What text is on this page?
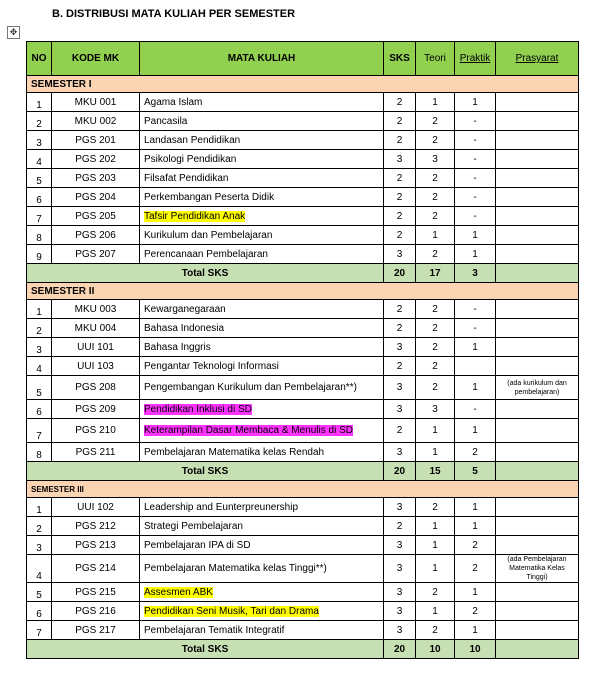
B. DISTRIBUSI MATA KULIAH PER SEMESTER
✥
NO	KODE MK	MATA KULIAH	SKS	Teori	Praktik	Prasyarat
SEMESTER I						
1	MKU 001	Agama Islam	2	1	1	
2	MKU 002	Pancasila	2	2	-	
3	PGS 201	Landasan Pendidikan	2	2	-	
4	PGS 202	Psikologi Pendidikan	3	3	-	
5	PGS 203	Filsafat Pendidikan	2	2	-	
6	PGS 204	Perkembangan Peserta Didik	2	2	-	
7	PGS 205	Tafsir Pendidikan Anak	2	2	-	
8	PGS 206	Kurikulum dan Pembelajaran	2	1	1	
9	PGS 207	Perencanaan Pembelajaran	3	2	1	
Total SKS			20	17	3	
SEMESTER II						
1	MKU 003	Kewarganegaraan	2	2	-	
2	MKU 004	Bahasa Indonesia	2	2	-	
3	UUI 101	Bahasa Inggris	3	2	1	
4	UUI 103	Pengantar Teknologi Informasi	2	2		
5	PGS 208	Pengembangan Kurikulum dan Pembelajaran**)	3	2	1	(ada kurikulum dan pembelajaran)
6	PGS 209	Pendidikan Inklusi di SD	3	3	-	
7	PGS 210	Keterampilan Dasar Membaca & Menulis di SD	2	1	1	
8	PGS 211	Pembelajaran Matematika kelas Rendah	3	1	2	
Total SKS			20	15	5	
SEMESTER III						
1	UUI 102	Leadership and Eunterpreunership	3	2	1	
2	PGS 212	Strategi Pembelajaran	2	1	1	
3	PGS 213	Pembelajaran IPA di SD	3	1	2	
4	PGS 214	Pembelajaran Matematika kelas Tinggi**)	3	1	2	(ada Pembelajaran Matematika Kelas Tinggi)
5	PGS 215	Assesmen ABK	3	2	1	
6	PGS 216	Pendidikan Seni Musik, Tari dan Drama	3	1	2	
7	PGS 217	Pembelajaran Tematik Integratif	3	2	1	
Total SKS			20	10	10	
